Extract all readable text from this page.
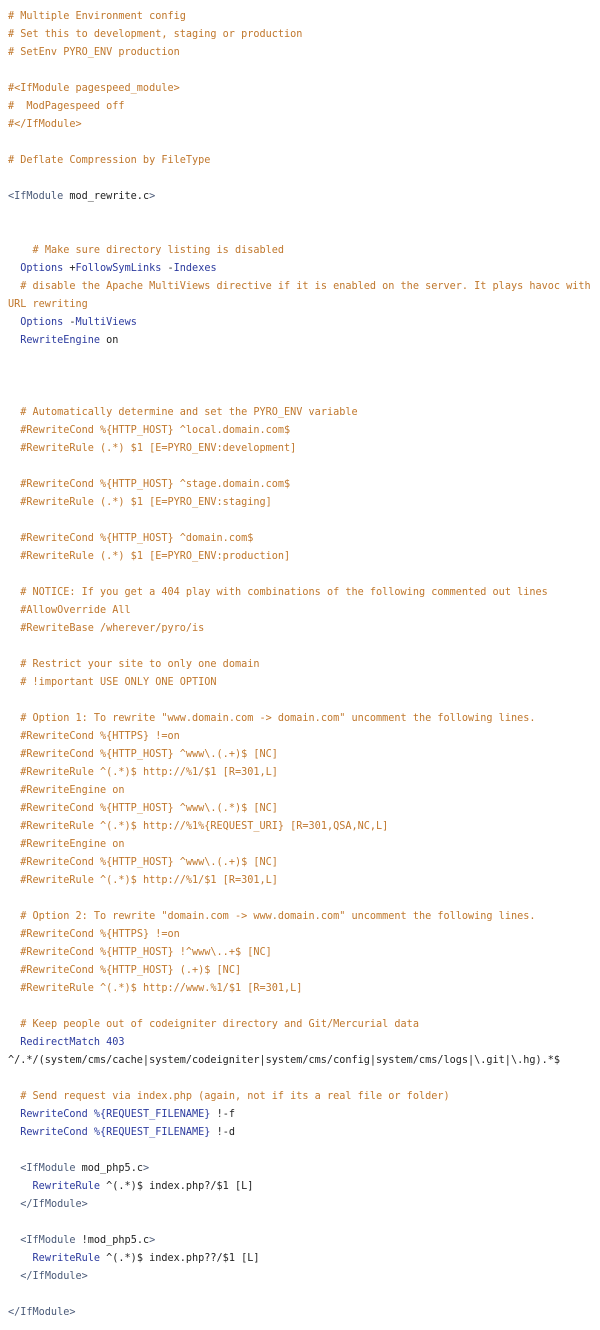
# Multiple Environment config
# Set this to development, staging or production
# SetEnv PYRO_ENV production

#<IfModule pagespeed_module>
#  ModPagespeed off
#</IfModule>

# Deflate Compression by FileType

<IfModule mod_rewrite.c>

# Make sure directory listing is disabled
Options +FollowSymLinks -Indexes
# disable the Apache MultiViews directive if it is enabled on the server. It plays havoc with
URL rewriting
Options -MultiViews
RewriteEngine on

# Automatically determine and set the PYRO_ENV variable
#RewriteCond %{HTTP_HOST} ^local.domain.com$
#RewriteRule (.*) $1 [E=PYRO_ENV:development]

#RewriteCond %{HTTP_HOST} ^stage.domain.com$
#RewriteRule (.*) $1 [E=PYRO_ENV:staging]

#RewriteCond %{HTTP_HOST} ^domain.com$
#RewriteRule (.*) $1 [E=PYRO_ENV:production]

# NOTICE: If you get a 404 play with combinations of the following commented out lines
#AllowOverride All
#RewriteBase /wherever/pyro/is

# Restrict your site to only one domain
# !important USE ONLY ONE OPTION

# Option 1: To rewrite "www.domain.com -> domain.com" uncomment the following lines.
#RewriteCond %{HTTPS} !=on
#RewriteCond %{HTTP_HOST} ^www\.(.+)$ [NC]
#RewriteRule ^(.*)$ http://%1/$1 [R=301,L]
#RewriteEngine on
#RewriteCond %{HTTP_HOST} ^www\.(.*)$ [NC]
#RewriteRule ^(.*)$ http://%1%{REQUEST_URI} [R=301,QSA,NC,L]
#RewriteEngine on
#RewriteCond %{HTTP_HOST} ^www\.(.+)$ [NC]
#RewriteRule ^(.*)$ http://%1/$1 [R=301,L]

# Option 2: To rewrite "domain.com -> www.domain.com" uncomment the following lines.
#RewriteCond %{HTTPS} !=on
#RewriteCond %{HTTP_HOST} !^www\..+$ [NC]
#RewriteCond %{HTTP_HOST} (.+)$ [NC]
#RewriteRule ^(.*)$ http://www.%1/$1 [R=301,L]

# Keep people out of codeigniter directory and Git/Mercurial data
RedirectMatch 403
^/.*/(system/cms/cache|system/codeigniter|system/cms/config|system/cms/logs|\.git|\.hg).*$

# Send request via index.php (again, not if its a real file or folder)
RewriteCond %{REQUEST_FILENAME} !-f
RewriteCond %{REQUEST_FILENAME} !-d

<IfModule mod_php5.c>
RewriteRule ^(.*)$ index.php?/$1 [L]
</IfModule>

<IfModule !mod_php5.c>
RewriteRule ^(.*)$ index.php??/$1 [L]
</IfModule>

</IfModule>
